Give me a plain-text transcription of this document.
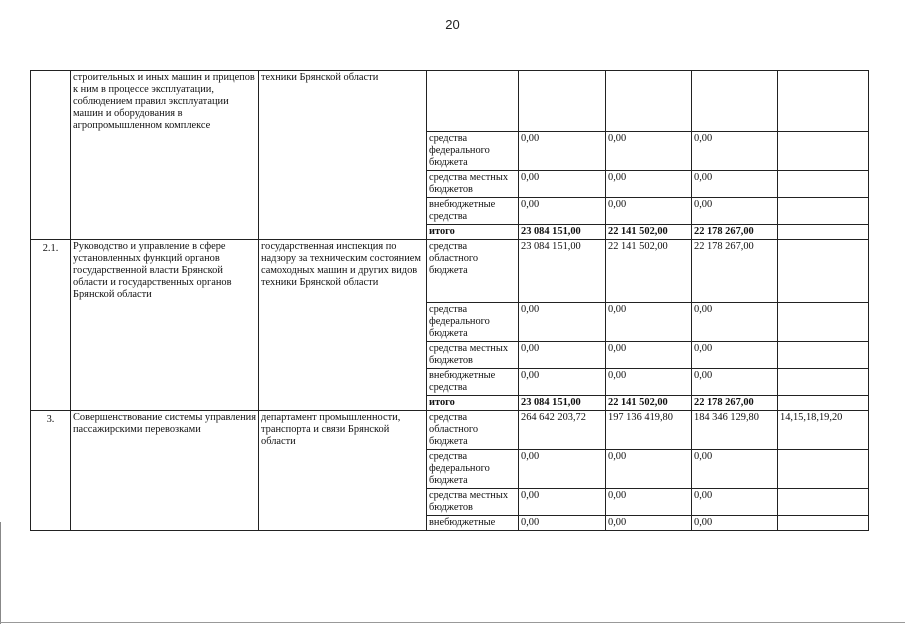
20
	строительных и иных машин и прицепов к ним в процессе эксплуатации, соблюдением правил эксплуатации машин и оборудования в агропромышленном комплексе	техники Брянской области					
			средства федерального бюджета	0,00	0,00	0,00	
			средства местных бюджетов	0,00	0,00	0,00	
			внебюджетные средства	0,00	0,00	0,00	
			итого	23 084 151,00	22 141 502,00	22 178 267,00	
2.1.	Руководство и управление в сфере установленных функций органов государственной власти Брянской области и государственных органов Брянской области	государственная инспекция по надзору за техническим состоянием самоходных машин и других видов техники Брянской области	средства областного бюджета	23 084 151,00	22 141 502,00	22 178 267,00	
			средства федерального бюджета	0,00	0,00	0,00	
			средства местных бюджетов	0,00	0,00	0,00	
			внебюджетные средства	0,00	0,00	0,00	
			итого	23 084 151,00	22 141 502,00	22 178 267,00	
3.	Совершенствование системы управления пассажирскими перевозками	департамент промышленности, транспорта и связи Брянской области	средства областного бюджета	264 642 203,72	197 136 419,80	184 346 129,80	14,15,18,19,20
			средства федерального бюджета	0,00	0,00	0,00	
			средства местных бюджетов	0,00	0,00	0,00	
			внебюджетные	0,00	0,00	0,00	
